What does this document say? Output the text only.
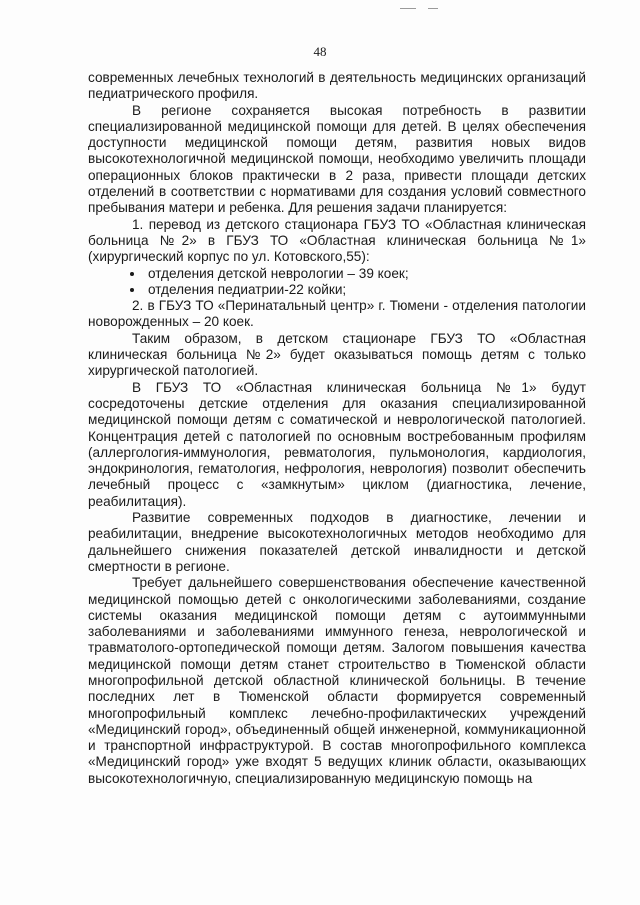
48

современных лечебных технологий в деятельность медицинских организаций педиатрического профиля.

В регионе сохраняется высокая потребность в развитии специализированной медицинской помощи для детей. В целях обеспечения доступности медицинской помощи детям, развития новых видов высокотехнологичной медицинской помощи, необходимо увеличить площади операционных блоков практически в 2 раза, привести площади детских отделений в соответствии с нормативами для создания условий совместного пребывания матери и ребенка. Для решения задачи планируется:

1. перевод из детского стационара ГБУЗ ТО «Областная клиническая больница №2» в ГБУЗ ТО «Областная клиническая больница №1» (хирургический корпус по ул. Котовского,55):

отделения детской неврологии – 39 коек;
отделения педиатрии-22 койки;

2. в ГБУЗ ТО «Перинатальный центр» г. Тюмени - отделения патологии новорожденных – 20 коек.

Таким образом, в детском стационаре ГБУЗ ТО «Областная клиническая больница №2» будет оказываться помощь детям с только хирургической патологией.

В ГБУЗ ТО «Областная клиническая больница №1» будут сосредоточены детские отделения для оказания специализированной медицинской помощи детям с соматической и неврологической патологией. Концентрация детей с патологией по основным востребованным профилям (аллергология-иммунология, ревматология, пульмонология, кардиология, эндокринология, гематология, нефрология, неврология) позволит обеспечить лечебный процесс с «замкнутым» циклом (диагностика, лечение, реабилитация).

Развитие современных подходов в диагностике, лечении и реабилитации, внедрение высокотехнологичных методов необходимо для дальнейшего снижения показателей детской инвалидности и детской смертности в регионе.

Требует дальнейшего совершенствования обеспечение качественной медицинской помощью детей с онкологическими заболеваниями, создание системы оказания медицинской помощи детям с аутоиммунными заболеваниями и заболеваниями иммунного генеза, неврологической и травматолого-ортопедической помощи детям. Залогом повышения качества медицинской помощи детям станет строительство в Тюменской области многопрофильной детской областной клинической больницы. В течение последних лет в Тюменской области формируется современный многопрофильный комплекс лечебно-профилактических учреждений «Медицинский город», объединенный общей инженерной, коммуникационной и транспортной инфраструктурой. В состав многопрофильного комплекса «Медицинский город» уже входят 5 ведущих клиник области, оказывающих высокотехнологичную, специализированную медицинскую помощь на
